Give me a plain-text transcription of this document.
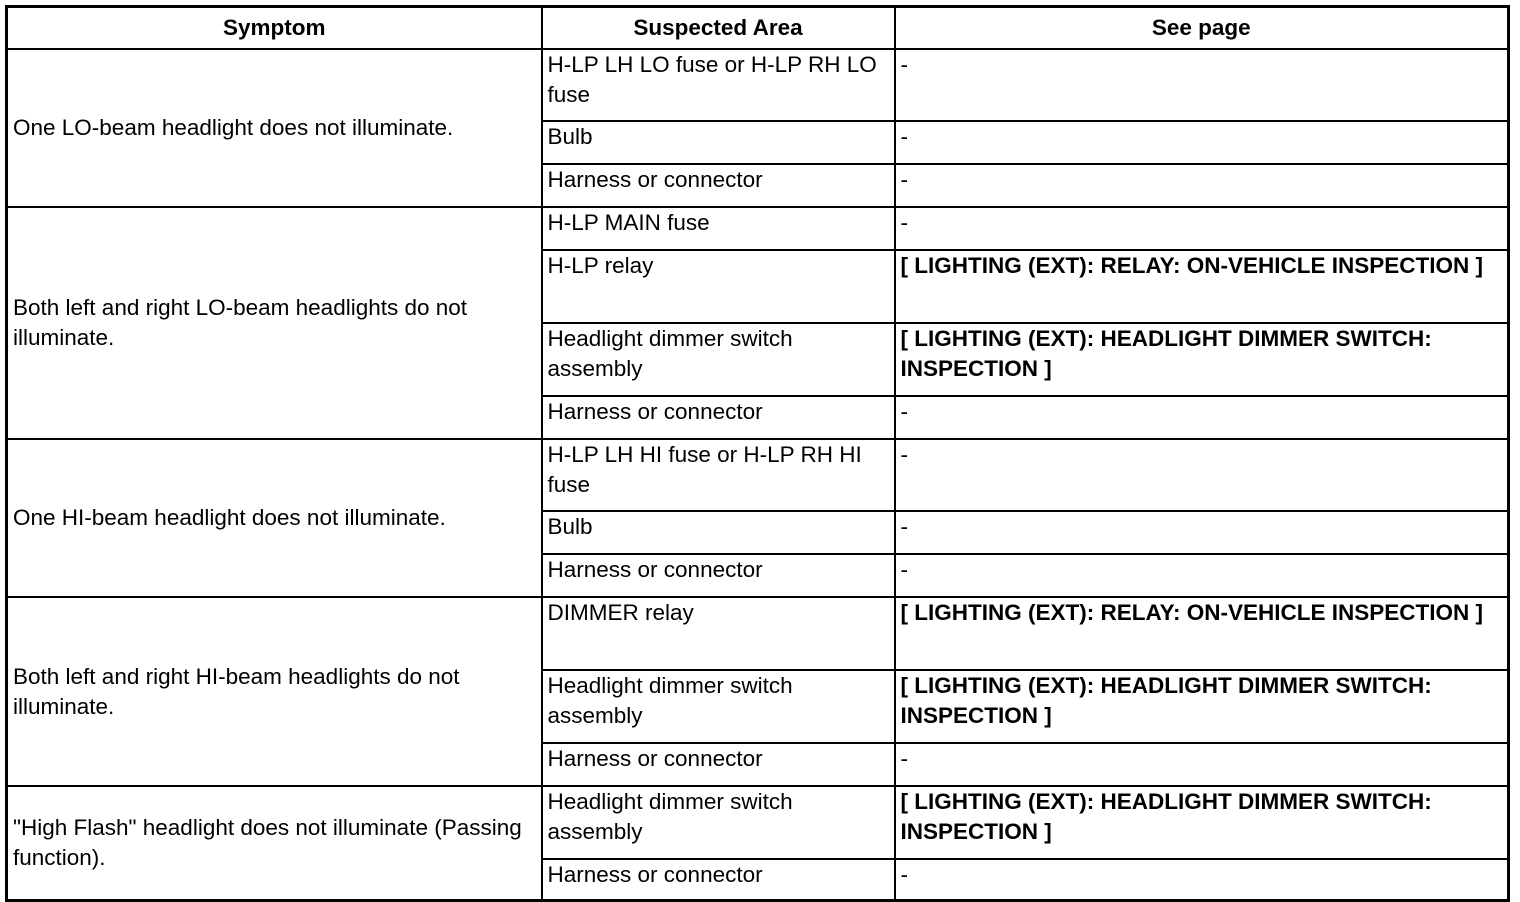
Symptom	Suspected Area	See page
One LO-beam headlight does not illuminate.	H-LP LH LO fuse or H-LP RH LO fuse	-
	Bulb	-
	Harness or connector	-
Both left and right LO-beam headlights do not illuminate.	H-LP MAIN fuse	-
	H-LP relay	[ LIGHTING (EXT): RELAY: ON-VEHICLE INSPECTION ]
	Headlight dimmer switch assembly	[ LIGHTING (EXT): HEADLIGHT DIMMER SWITCH: INSPECTION ]
	Harness or connector	-
One HI-beam headlight does not illuminate.	H-LP LH HI fuse or H-LP RH HI fuse	-
	Bulb	-
	Harness or connector	-
Both left and right HI-beam headlights do not illuminate.	DIMMER relay	[ LIGHTING (EXT): RELAY: ON-VEHICLE INSPECTION ]
	Headlight dimmer switch assembly	[ LIGHTING (EXT): HEADLIGHT DIMMER SWITCH: INSPECTION ]
	Harness or connector	-
"High Flash" headlight does not illuminate (Passing function).	Headlight dimmer switch assembly	[ LIGHTING (EXT): HEADLIGHT DIMMER SWITCH: INSPECTION ]
	Harness or connector	-
